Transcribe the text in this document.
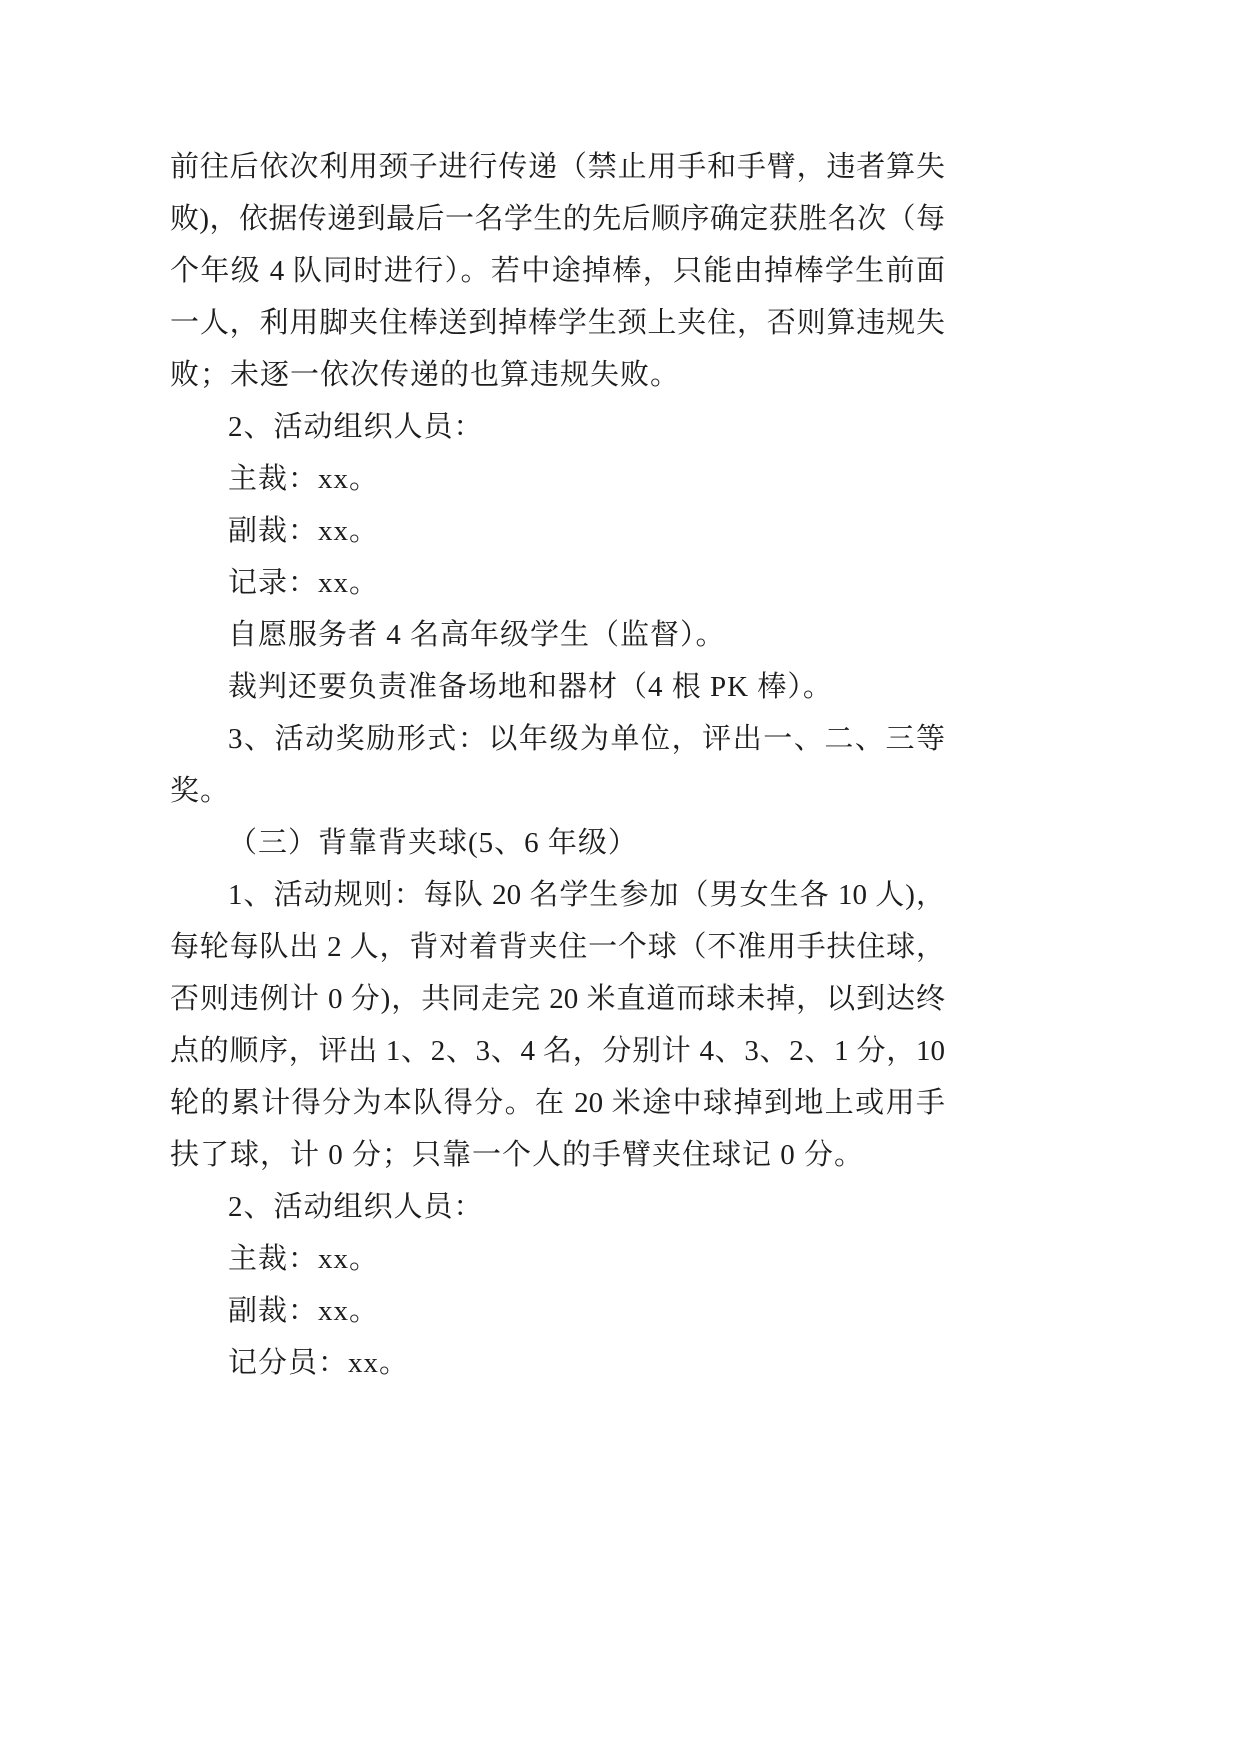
前往后依次利用颈子进行传递（禁止用手和手臂，违者算失
败)，依据传递到最后一名学生的先后顺序确定获胜名次（每
个年级 4 队同时进行）。若中途掉棒，只能由掉棒学生前面
一人，利用脚夹住棒送到掉棒学生颈上夹住，否则算违规失
败；未逐一依次传递的也算违规失败。
2、活动组织人员：
主裁：xx。
副裁：xx。
记录：xx。
自愿服务者 4 名高年级学生（监督）。
裁判还要负责准备场地和器材（4 根 PK 棒）。
3、活动奖励形式：以年级为单位，评出一、二、三等
奖。
（三）背靠背夹球(5、6 年级）
1、活动规则：每队 20 名学生参加（男女生各 10 人)，
每轮每队出 2 人，背对着背夹住一个球（不准用手扶住球，
否则违例计 0 分)，共同走完 20 米直道而球未掉，以到达终
点的顺序，评出 1、2、3、4 名，分别计 4、3、2、1 分，10
轮的累计得分为本队得分。在 20 米途中球掉到地上或用手
扶了球，计 0 分；只靠一个人的手臂夹住球记 0 分。
2、活动组织人员：
主裁：xx。
副裁：xx。
记分员：xx。
